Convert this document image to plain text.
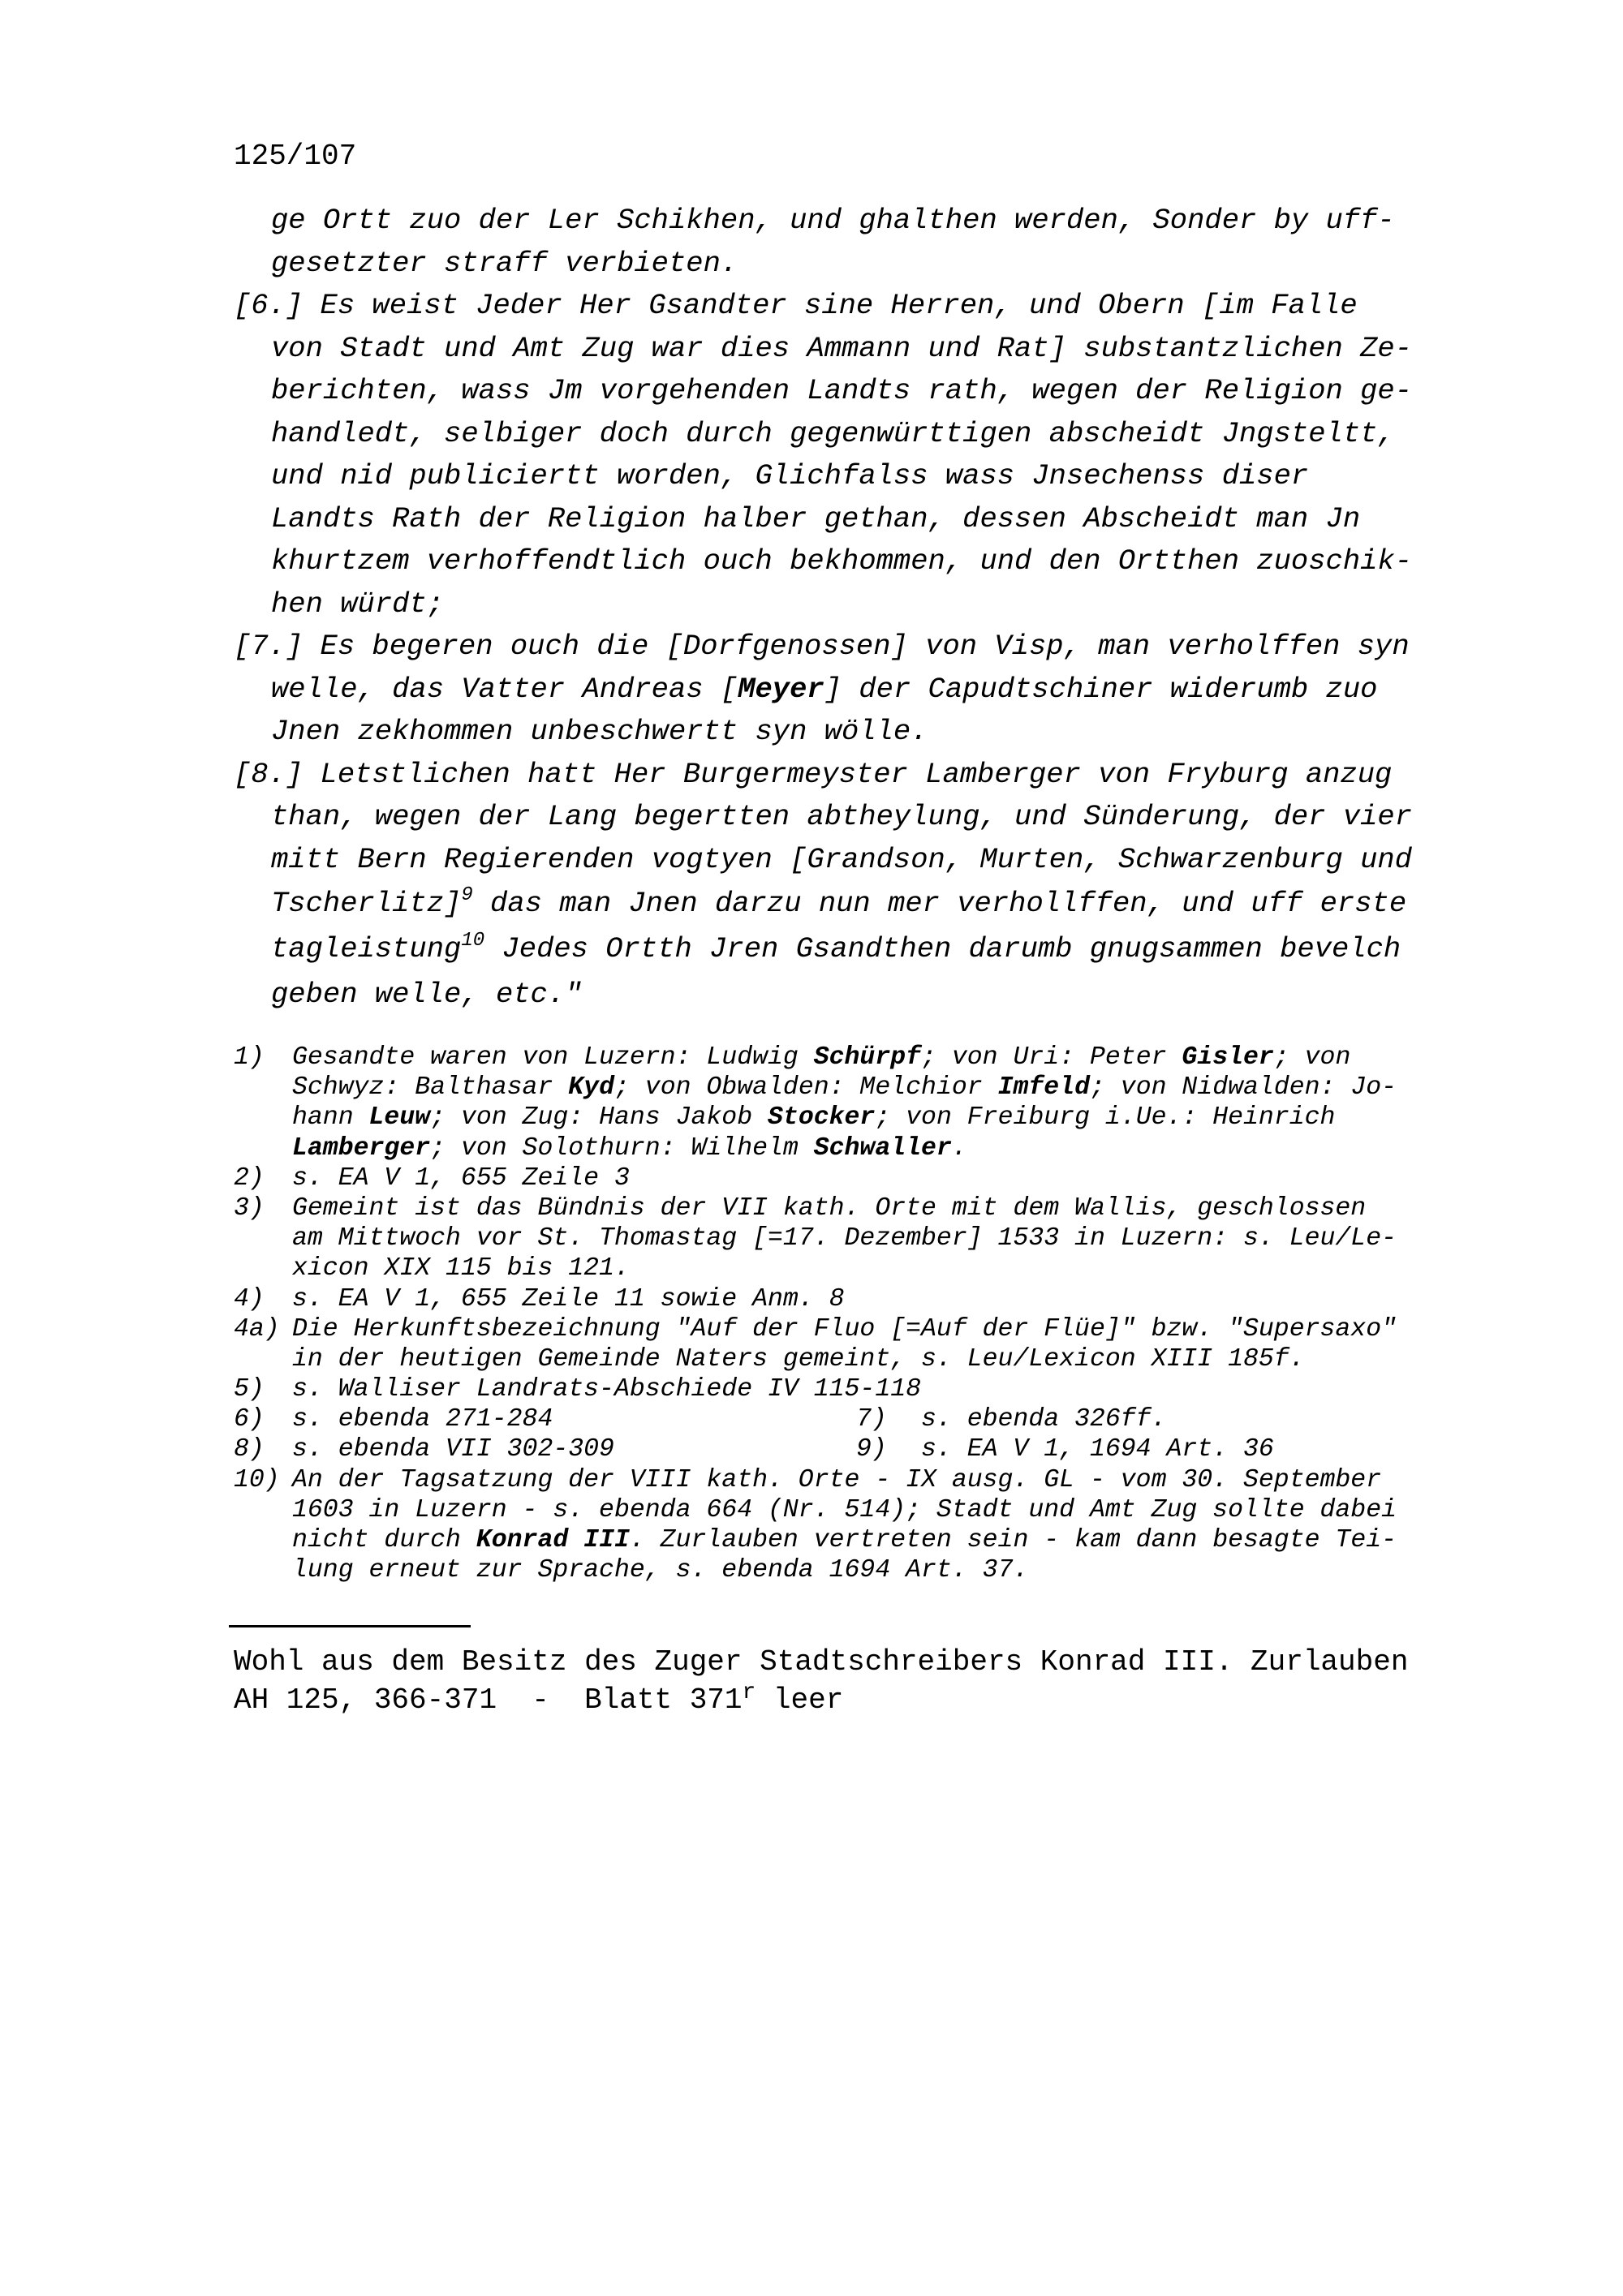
125/107
ge Ortt zuo der Ler Schikhen, und ghalthen werden, Sonder by uff-
gesetzter straff verbieten.
[6.] Es weist Jeder Her Gsandter sine Herren, und Obern [im Falle
von Stadt und Amt Zug war dies Ammann und Rat] substantzlichen Ze-
berichten, wass Jm vorgehenden Landts rath, wegen der Religion ge-
handledt, selbiger doch durch gegenwürttigen abscheidt Jngsteltt,
und nid publiciertt worden, Glichfalss wass Jnsechenss diser
Landts Rath der Religion halber gethan, dessen Abscheidt man Jn
khurtzem verhoffendtlich ouch bekhommen, und den Ortthen zuoschik-
hen würdt;
[7.] Es begeren ouch die [Dorfgenossen] von Visp, man verholffen syn
welle, das Vatter Andreas [Meyer] der Capudtschiner widerumb zuo
Jnen zekhommen unbeschwertt syn wölle.
[8.] Letstlichen hatt Her Burgermeyster Lamberger von Fryburg anzug
than, wegen der Lang begertten abtheylung, und Sünderung, der vier
mitt Bern Regierenden vogtyen [Grandson, Murten, Schwarzenburg und
Tscherlitz]$^9$ das man Jnen darzu nun mer verhollffen, und uff erste
tagleistung$^{10}$ Jedes Ortth Jren Gsandthen darumb gnugsammen bevelch
geben welle, etc."
1) Gesandte waren von Luzern: Ludwig Schürpf; von Uri: Peter Gisler; von
Schwyz: Balthasar Kyd; von Obwalden: Melchior Imfeld; von Nidwalden: Jo-
hann Leuw; von Zug: Hans Jakob Stocker; von Freiburg i.Ue.: Heinrich
Lamberger; von Solothurn: Wilhelm Schwaller.
2) s. EA V 1, 655 Zeile 3
3) Gemeint ist das Bündnis der VII kath. Orte mit dem Wallis, geschlossen
am Mittwoch vor St. Thomastag [=17. Dezember] 1533 in Luzern: s. Leu/Le-
xicon XIX 115 bis 121.
4) s. EA V 1, 655 Zeile 11 sowie Anm. 8
4a) Die Herkunftsbezeichnung "Auf der Fluo [=Auf der Flüe]" bzw. "Supersaxo"
in der heutigen Gemeinde Naters gemeint, s. Leu/Lexicon XIII 185f.
5) s. Walliser Landrats-Abschiede IV 115-118
6) s. ebenda 271-284	7) s. ebenda 326ff.
8) s. ebenda VII 302-309	9) s. EA V 1, 1694 Art. 36
10) An der Tagsatzung der VIII kath. Orte - IX ausg. GL - vom 30. September
1603 in Luzern - s. ebenda 664 (Nr. 514); Stadt und Amt Zug sollte dabei
nicht durch Konrad III. Zurlauben vertreten sein - kam dann besagte Tei-
lung erneut zur Sprache, s. ebenda 1694 Art. 37.
Wohl aus dem Besitz des Zuger Stadtschreibers Konrad III. Zurlauben
AH 125, 366-371  -  Blatt 371$^r$ leer
